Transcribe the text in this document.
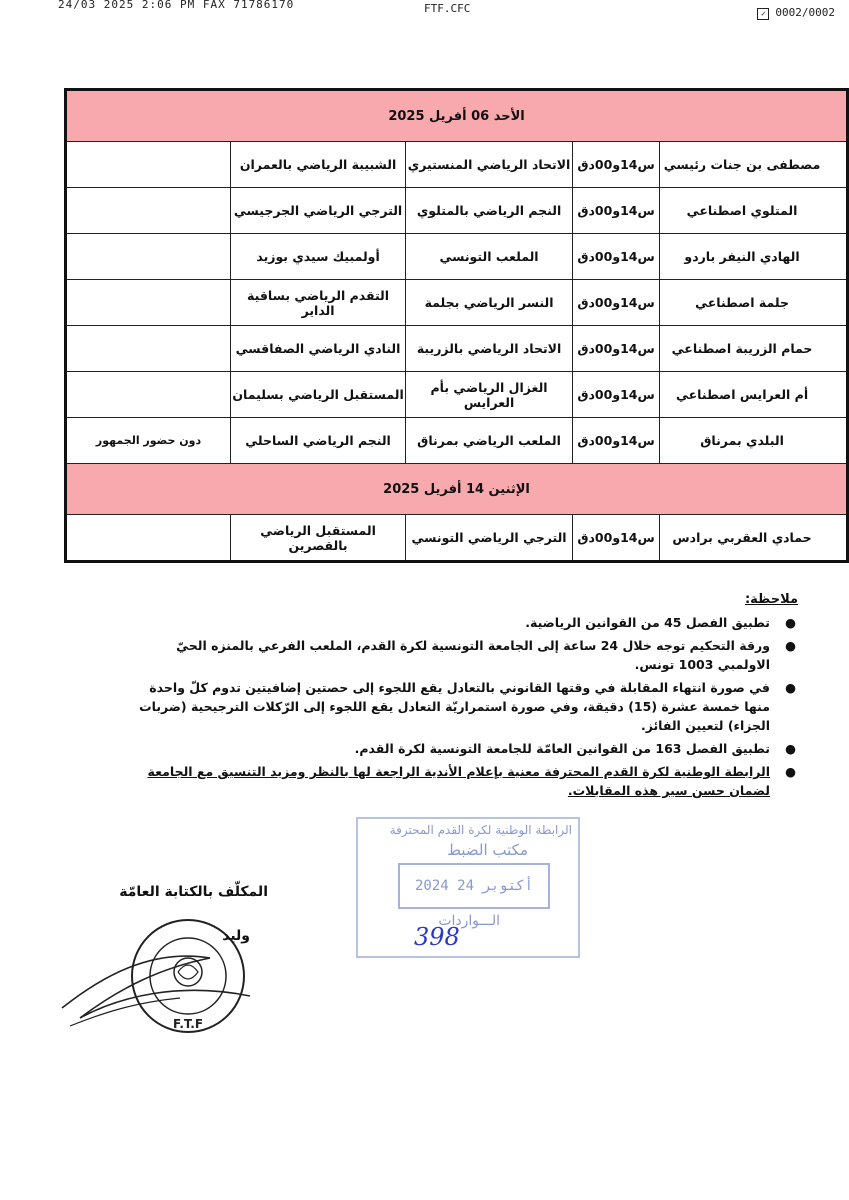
24/03 2025 2:06 PM FAX 71786170	FTF.CFC	✓ 0002/0002
الأحد 06 أفريل 2025				
مصطفى بن جنات رئيسي	س14و00دق	الاتحاد الرياضي المنستيري	الشبيبة الرياضي بالعمران	
المتلوي اصطناعي	س14و00دق	النجم الرياضي بالمتلوي	الترجي الرياضي الجرجيسي	
الهادي النيفر باردو	س14و00دق	الملعب التونسي	أولمبيك سيدي بوزيد	
جلمة اصطناعي	س14و00دق	النسر الرياضي بجلمة	التقدم الرياضي بساقية الداير	
حمام الزريبة اصطناعي	س14و00دق	الاتحاد الرياضي بالزريبة	النادي الرياضي الصفاقسي	
أم العرايس اصطناعي	س14و00دق	الغزال الرياضي بأم العرايس	المستقبل الرياضي بسليمان	
البلدي بمرناق	س14و00دق	الملعب الرياضي بمرناق	النجم الرياضي الساحلي	دون حضور الجمهور
الإثنين 14 أفريل 2025				
حمادي العقربي برادس	س14و00دق	الترجي الرياضي التونسي	المستقبل الرياضي بالقصرين	
ملاحظة:
●
تطبيق الفصل 45 من القوانين الرياضية.
●
ورقة التحكيم توجه خلال 24 ساعة إلى الجامعة التونسية لكرة القدم، الملعب الفرعي بالمنزه الحيّ الاولمبي 1003 تونس.
●
في صورة انتهاء المقابلة في وقتها القانوني بالتعادل يقع اللجوء إلى حصتين إضافيتين تدوم كلّ واحدة منها خمسة عشرة (15) دقيقة، وفي صورة استمراريّة التعادل يقع اللجوء إلى الرّكلات الترجيحية (ضربات الجزاء) لتعيين الفائز.
●
تطبيق الفصل 163 من القوانين العامّة للجامعة التونسية لكرة القدم.
●
الرابطة الوطنية لكرة القدم المحترفة معنية بإعلام الأندية الراجعة لها بالنظر ومزيد التنسيق مع الجامعة لضمان حسن سير هذه المقابلات.
الرابطة الوطنية لكرة القدم المحترفة
مكتب الضبط
2024 أكتوبر 24
الـــواردات
398
F.T.F
المكلّف بالكتابة العامّة
وليد
